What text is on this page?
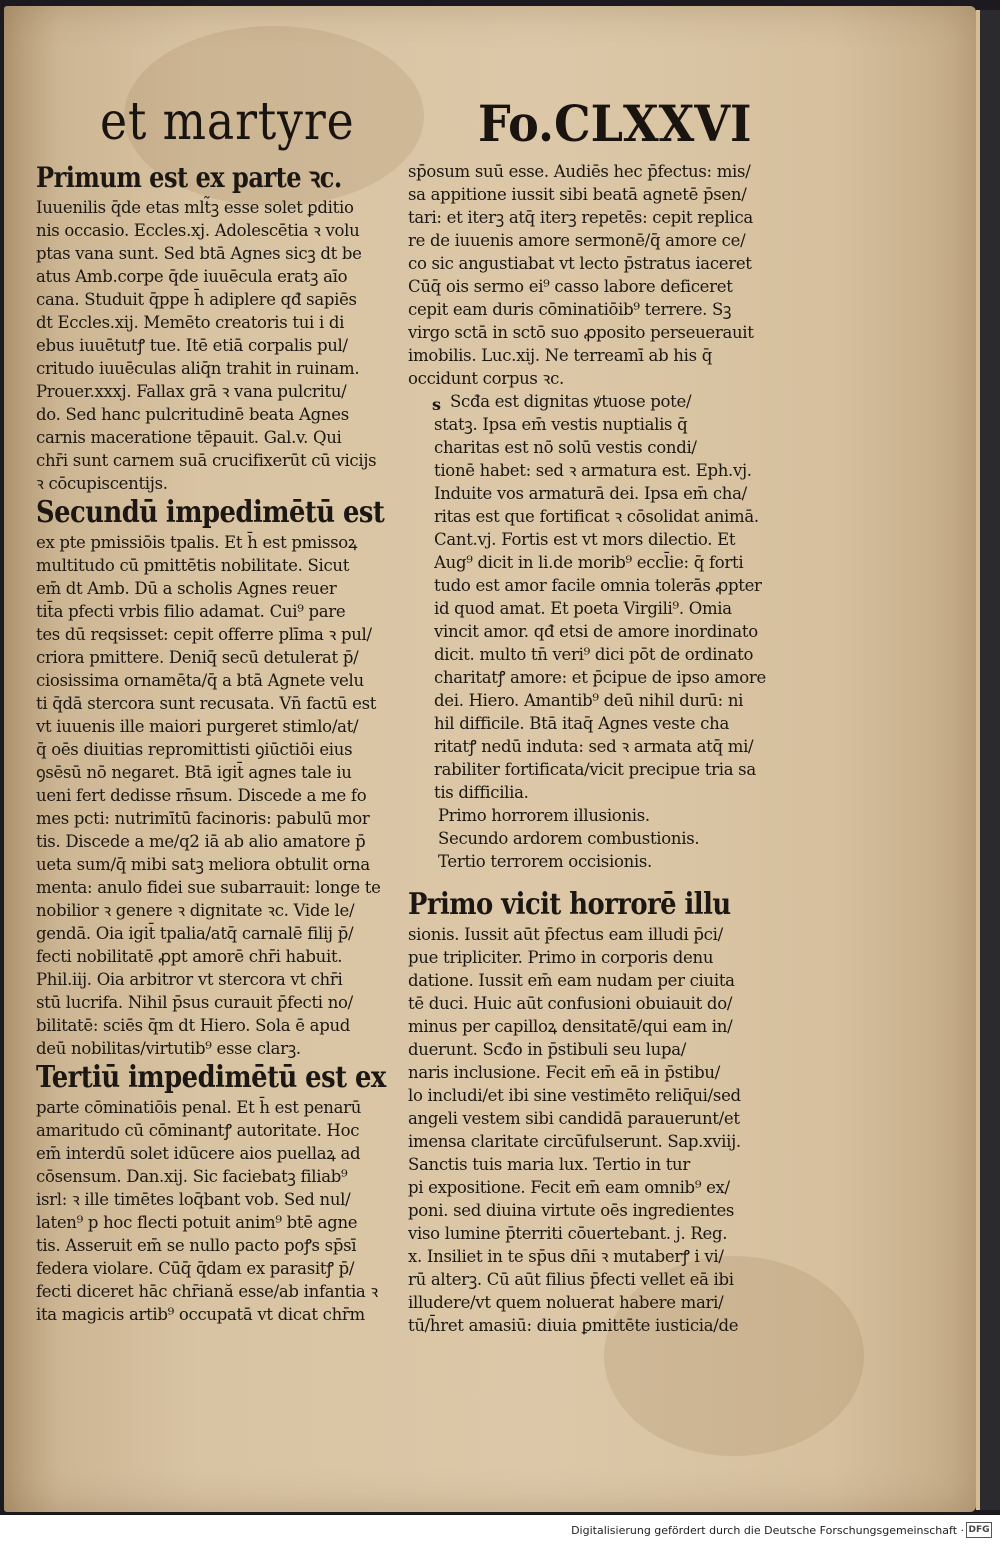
et martyre Fo.CLXXVI
s
Primum est ex parte ꝛc.
Iuuenilis q̄de etas mlt̃ꝫ esse solet ꝑditio
nis occasio. Eccles.xj. Adolescētia ꝛ volu
ptas vana sunt. Sed btā Agnes sicꝫ dt be
atus Amb.corpe q̄de iuuēcula eratꝫ aīo
cana. Studuit q̄ppe h̄ adiplere qđ sapiēs
dt Eccles.xij. Memēto creatoris tui i di
ebus iuuētutꝭ tue. Itē etiā corpalis pul/
critudo iuuēculas aliq̄n trahit in ruinam.
Prouer.xxxj. Fallax grā ꝛ vana pulcritu/
do. Sed hanc pulcritudinē beata Agnes
carnis maceratione tēpauit. Gal.v. Qui
chr̄i sunt carnem suā crucifixerūt cū vicijs
ꝛ cōcupiscentijs.
Secundū impedimētū est
ex pte pmissiōis tpalis. Et h̄ est pmissoꝝ
multitudo cū pmittētis nobilitate. Sicut
em̄ dt Amb. Dū a scholis Agnes reuer
tit̄a pfecti vrbis filio adamat. Cui⁹ pare
tes dū reqsisset: cepit offerre plīma ꝛ pul/
criora pmittere. Deniq̄ secū detulerat p̄/
ciosissima ornamēta/q̄ a btā Agnete velu
ti q̄dā stercora sunt recusata. Vn̄ factū est
vt iuuenis ille maiori purgeret stimlo/at/
q̄ oēs diuitias repromittisti ꝯiūctiōi eius
ꝯsēsū nō negaret. Btā igit̄ agnes tale iu
ueni fert dedisse rn̄sum. Discede a me fo
mes pcti: nutrimītū facinoris: pabulū mor
tis. Discede a me/q2 iā ab alio amatore p̄
ueta sum/q̄ mibi satꝫ meliora obtulit orna
menta: anulo fidei sue subarrauit: longe te
nobilior ꝛ genere ꝛ dignitate ꝛc. Vide le/
gendā. Oia igit̄ tpalia/atq̄ carnalē filij p̄/
fecti nobilitatē ꝓpt amorē chr̄i habuit.
Phil.iij. Oia arbitror vt stercora vt chr̄i
stū lucrifa. Nihil p̄sus curauit p̄fecti no/
bilitatē: sciēs q̄m dt Hiero. Sola ē apud
deū nobilitas/virtutib⁹ esse clarꝫ.
Tertiū impedimētū est ex
parte cōminatiōis penal. Et h̄ est penarū
amaritudo cū cōminantꝭ autoritate. Hoc
em̄ interdū solet idūcere aios puellaꝝ ad
cōsensum. Dan.xij. Sic faciebatꝫ filiab⁹
isrl: ꝛ ille timētes loq̄bant vob. Sed nul/
laten⁹ p hoc flecti potuit anim⁹ btē agne
tis. Asseruit em̄ se nullo pacto poꝭs sp̄sī
federa violare. Cūq̄ q̄dam ex parasitꝭ p̄/
fecti diceret hāc chr̄iană esse/ab infantia ꝛ
ita magicis artib⁹ occupatā vt dicat chr̄m
sp̄osum suū esse. Audiēs hec p̄fectus: mis/
sa appitione iussit sibi beatā agnetē p̄sen/
tari: et iterꝫ atq̄ iterꝫ repetēs: cepit replica
re de iuuenis amore sermonē/q̄ amore ce/
co sic angustiabat vt lecto p̄stratus iaceret
Cūq̄ ois sermo ei⁹ casso labore deficeret
cepit eam duris cōminatiōib⁹ terrere. Sꝫ
virgo sctā in sctō suo ꝓposito perseuerauit
imobilis. Luc.xij. Ne terreamī ab his q̄
occidunt corpus ꝛc.
Scđa est dignitas ꝟtuose pote/
statꝫ. Ipsa em̄ vestis nuptialis q̄
charitas est nō solū vestis condi/
tionē habet: sed ꝛ armatura est. Eph.vj.
Induite vos armaturā dei. Ipsa em̄ cha/
ritas est que fortificat ꝛ cōsolidat animā.
Cant.vj. Fortis est vt mors dilectio. Et
Aug⁹ dicit in li.de morib⁹ eccl̄ie: q̄ forti
tudo est amor facile omnia tolerās ꝓpter
id quod amat. Et poeta Virgili⁹. Omia
vincit amor. qđ etsi de amore inordinato
dicit. multo tn̄ veri⁹ dici pōt de ordinato
charitatꝭ amore: et p̄cipue de ipso amore
dei. Hiero. Amantib⁹ deū nihil durū: ni
hil difficile. Btā itaq̄ Agnes veste cha
ritatꝭ nedū induta: sed ꝛ armata atq̄ mi/
rabiliter fortificata/vicit precipue tria sa
tis difficilia.
Primo horrorem illusionis.
Secundo ardorem combustionis.
Tertio terrorem occisionis.
Primo vicit horrorē illu
sionis. Iussit aūt p̄fectus eam illudi p̄ci/
pue tripliciter. Primo in corporis denu
datione. Iussit em̄ eam nudam per ciuita
tē duci. Huic aūt confusioni obuiauit do/
minus per capilloꝝ densitatē/qui eam in/
duerunt. Scđo in p̄stibuli seu lupa/
naris inclusione. Fecit em̄ eā in p̄stibu/
lo includi/et ibi sine vestimēto reliq̄ui/sed
angeli vestem sibi candidā parauerunt/et
imensa claritate circūfulserunt. Sap.xviij.
Sanctis tuis maria lux. Tertio in tur
pi expositione. Fecit em̄ eam omnib⁹ ex/
poni. sed diuina virtute oēs ingredientes
viso lumine p̄territi cōuertebant. j. Reg.
x. Insiliet in te sp̄us dn̄i ꝛ mutaberꝭ i vi/
rū alterꝫ. Cū aūt filius p̄fecti vellet eā ibi
illudere/vt quem noluerat habere mari/
tū/h̄ret amasiū: diuia ꝑmittēte iusticia/de
Digitalisierung gefördert durch die Deutsche Forschungsgemeinschaft · DFG
